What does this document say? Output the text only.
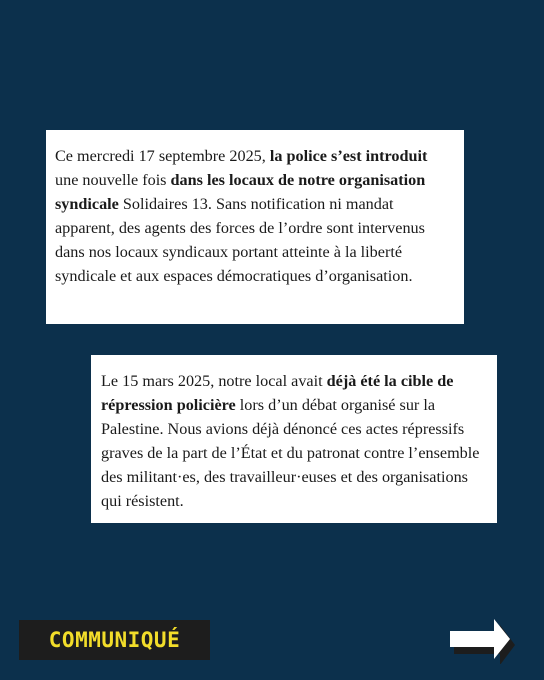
Ce mercredi 17 septembre 2025, la police s’est introduit une nouvelle fois dans les locaux de notre organisation syndicale Solidaires 13. Sans notification ni mandat apparent, des agents des forces de l’ordre sont intervenus dans nos locaux syndicaux portant atteinte à la liberté syndicale et aux espaces démocratiques d’organisation.

Le 15 mars 2025, notre local avait déjà été la cible de répression policière lors d’un débat organisé sur la Palestine. Nous avions déjà dénoncé ces actes répressifs graves de la part de l’État et du patronat contre l’ensemble des militant·es, des travailleur·euses et des organisations qui résistent.

COMMUNIQUÉ
